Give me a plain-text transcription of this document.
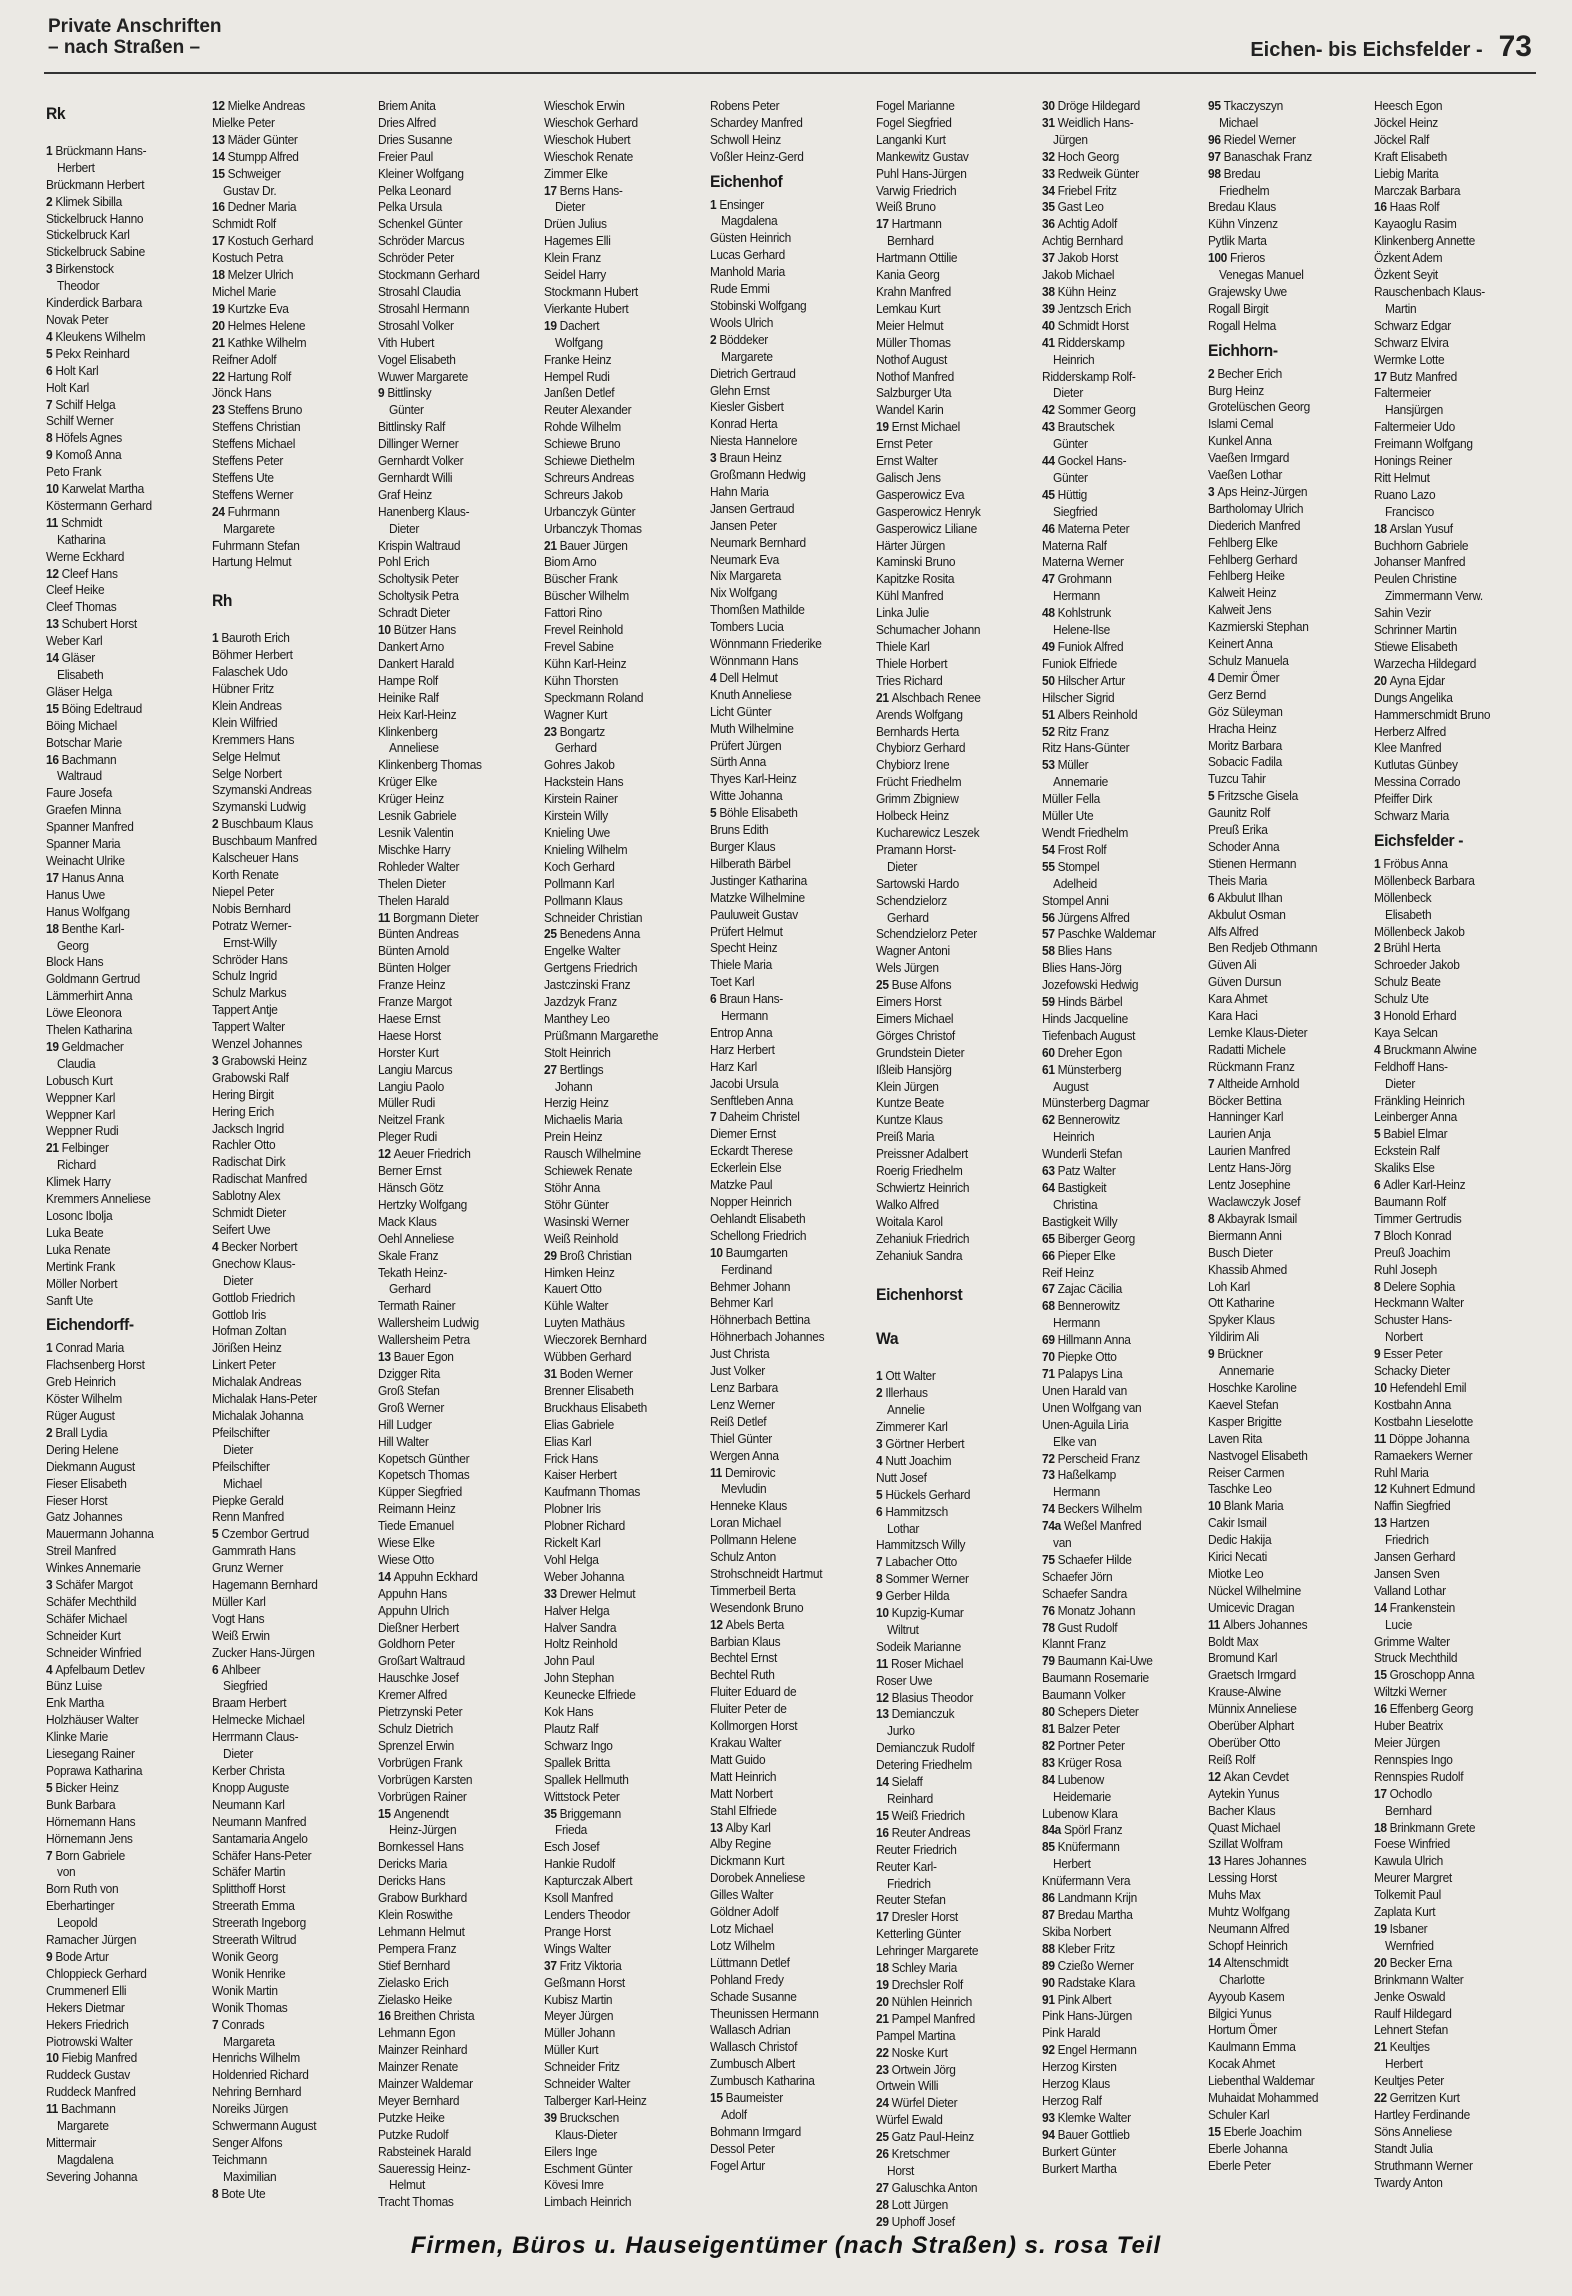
Private Anschriften
– nach Straßen –	Eichen- bis Eichsfelder - 73
Rk
1 Brückmann Hans-
Herbert
Brückmann Herbert
2 Klimek Sibilla
Stickelbruck Hanno
Stickelbruck Karl
Stickelbruck Sabine
3 Birkenstock
Theodor
Kinderdick Barbara
Novak Peter
4 Kleukens Wilhelm
5 Pekx Reinhard
6 Holt Karl
Holt Karl
7 Schilf Helga
Schilf Werner
8 Höfels Agnes
9 Komoß Anna
Peto Frank
10 Karwelat Martha
Köstermann Gerhard
11 Schmidt
Katharina
Werne Eckhard
12 Cleef Hans
Cleef Heike
Cleef Thomas
13 Schubert Horst
Weber Karl
14 Gläser
Elisabeth
Gläser Helga
15 Böing Edeltraud
Böing Michael
Botschar Marie
16 Bachmann
Waltraud
Faure Josefa
Graefen Minna
Spanner Manfred
Spanner Maria
Weinacht Ulrike
17 Hanus Anna
Hanus Uwe
Hanus Wolfgang
18 Benthe Karl-
Georg
Block Hans
Goldmann Gertrud
Lämmerhirt Anna
Löwe Eleonora
Thelen Katharina
19 Geldmacher
Claudia
Lobusch Kurt
Weppner Karl
Weppner Karl
Weppner Rudi
21 Felbinger
Richard
Klimek Harry
Kremmers Anneliese
Losonc Ibolja
Luka Beate
Luka Renate
Mertink Frank
Möller Norbert
Sanft Ute
Eichendorff-
1 Conrad Maria
Flachsenberg Horst
Greb Heinrich
Köster Wilhelm
Rüger August
2 Brall Lydia
Dering Helene
Diekmann August
Fieser Elisabeth
Fieser Horst
Gatz Johannes
Mauermann Johanna
Streil Manfred
Winkes Annemarie
3 Schäfer Margot
Schäfer Mechthild
Schäfer Michael
Schneider Kurt
Schneider Winfried
4 Apfelbaum Detlev
Bünz Luise
Enk Martha
Holzhäuser Walter
Klinke Marie
Liesegang Rainer
Poprawa Katharina
5 Bicker Heinz
Bunk Barbara
Hörnemann Hans
Hörnemann Jens
7 Born Gabriele
von
Born Ruth von
Eberhartinger
Leopold
Ramacher Jürgen
9 Bode Artur
Chloppieck Gerhard
Crummenerl Elli
Hekers Dietmar
Hekers Friedrich
Piotrowski Walter
10 Fiebig Manfred
Ruddeck Gustav
Ruddeck Manfred
11 Bachmann
Margarete
Mittermair
Magdalena
Severing Johanna
12 Mielke Andreas
Mielke Peter
13 Mäder Günter
14 Stumpp Alfred
15 Schweiger
Gustav Dr.
16 Dedner Maria
Schmidt Rolf
17 Kostuch Gerhard
Kostuch Petra
18 Melzer Ulrich
Michel Marie
19 Kurtzke Eva
20 Helmes Helene
21 Kathke Wilhelm
Reifner Adolf
22 Hartung Rolf
Jönck Hans
23 Steffens Bruno
Steffens Christian
Steffens Michael
Steffens Peter
Steffens Ute
Steffens Werner
24 Fuhrmann
Margarete
Fuhrmann Stefan
Hartung Helmut
Rh
1 Bauroth Erich
Böhmer Herbert
Falaschek Udo
Hübner Fritz
Klein Andreas
Klein Wilfried
Kremmers Hans
Selge Helmut
Selge Norbert
Szymanski Andreas
Szymanski Ludwig
2 Buschbaum Klaus
Buschbaum Manfred
Kalscheuer Hans
Korth Renate
Niepel Peter
Nobis Bernhard
Potratz Werner-
Ernst-Willy
Schröder Hans
Schulz Ingrid
Schulz Markus
Tappert Antje
Tappert Walter
Wenzel Johannes
3 Grabowski Heinz
Grabowski Ralf
Hering Birgit
Hering Erich
Jacksch Ingrid
Rachler Otto
Radischat Dirk
Radischat Manfred
Sablotny Alex
Schmidt Dieter
Seifert Uwe
4 Becker Norbert
Gnechow Klaus-
Dieter
Gottlob Friedrich
Gottlob Iris
Hofman Zoltan
Jörißen Heinz
Linkert Peter
Michalak Andreas
Michalak Hans-Peter
Michalak Johanna
Pfeilschifter
Dieter
Pfeilschifter
Michael
Piepke Gerald
Renn Manfred
5 Czembor Gertrud
Gammrath Hans
Grunz Werner
Hagemann Bernhard
Müller Karl
Vogt Hans
Weiß Erwin
Zucker Hans-Jürgen
6 Ahlbeer
Siegfried
Braam Herbert
Helmecke Michael
Herrmann Claus-
Dieter
Kerber Christa
Knopp Auguste
Neumann Karl
Neumann Manfred
Santamaria Angelo
Schäfer Hans-Peter
Schäfer Martin
Splitthoff Horst
Streerath Emma
Streerath Ingeborg
Streerath Wiltrud
Wonik Georg
Wonik Henrike
Wonik Martin
Wonik Thomas
7 Conrads
Margareta
Henrichs Wilhelm
Holdenried Richard
Nehring Bernhard
Noreiks Jürgen
Schwermann August
Senger Alfons
Teichmann
Maximilian
8 Bote Ute
Briem Anita
Dries Alfred
Dries Susanne
Freier Paul
Kleiner Wolfgang
Pelka Leonard
Pelka Ursula
Schenkel Günter
Schröder Marcus
Schröder Peter
Stockmann Gerhard
Strosahl Claudia
Strosahl Hermann
Strosahl Volker
Vith Hubert
Vogel Elisabeth
Wuwer Margarete
9 Bittlinsky
Günter
Bittlinsky Ralf
Dillinger Werner
Gernhardt Volker
Gernhardt Willi
Graf Heinz
Hanenberg Klaus-
Dieter
Krispin Waltraud
Pohl Erich
Scholtysik Peter
Scholtysik Petra
Schradt Dieter
10 Bützer Hans
Dankert Arno
Dankert Harald
Hampe Rolf
Heinike Ralf
Heix Karl-Heinz
Klinkenberg
Anneliese
Klinkenberg Thomas
Krüger Elke
Krüger Heinz
Lesnik Gabriele
Lesnik Valentin
Mischke Harry
Rohleder Walter
Thelen Dieter
Thelen Harald
11 Borgmann Dieter
Bünten Andreas
Bünten Arnold
Bünten Holger
Franze Heinz
Franze Margot
Haese Ernst
Haese Horst
Horster Kurt
Langiu Marcus
Langiu Paolo
Müller Rudi
Neitzel Frank
Pleger Rudi
12 Aeuer Friedrich
Berner Ernst
Hänsch Götz
Hertzky Wolfgang
Mack Klaus
Oehl Anneliese
Skale Franz
Tekath Heinz-
Gerhard
Termath Rainer
Wallersheim Ludwig
Wallersheim Petra
13 Bauer Egon
Dzigger Rita
Groß Stefan
Groß Werner
Hill Ludger
Hill Walter
Kopetsch Günther
Kopetsch Thomas
Küpper Siegfried
Reimann Heinz
Tiede Emanuel
Wiese Elke
Wiese Otto
14 Appuhn Eckhard
Appuhn Hans
Appuhn Ulrich
Dießner Herbert
Goldhorn Peter
Großart Waltraud
Hauschke Josef
Kremer Alfred
Pietrzynski Peter
Schulz Dietrich
Sprenzel Erwin
Vorbrügen Frank
Vorbrügen Karsten
Vorbrügen Rainer
15 Angenendt
Heinz-Jürgen
Bornkessel Hans
Dericks Maria
Dericks Hans
Grabow Burkhard
Klein Roswithe
Lehmann Helmut
Pempera Franz
Stief Bernhard
Zielasko Erich
Zielasko Heike
16 Breithen Christa
Lehmann Egon
Mainzer Reinhard
Mainzer Renate
Mainzer Waldemar
Meyer Bernhard
Putzke Heike
Putzke Rudolf
Rabsteinek Harald
Saueressig Heinz-
Helmut
Tracht Thomas
Wieschok Erwin
Wieschok Gerhard
Wieschok Hubert
Wieschok Renate
Zimmer Elke
17 Berns Hans-
Dieter
Drüen Julius
Hagemes Elli
Klein Franz
Seidel Harry
Stockmann Hubert
Vierkante Hubert
19 Dachert
Wolfgang
Franke Heinz
Hempel Rudi
Janßen Detlef
Reuter Alexander
Rohde Wilhelm
Schiewe Bruno
Schiewe Diethelm
Schreurs Andreas
Schreurs Jakob
Urbanczyk Günter
Urbanczyk Thomas
21 Bauer Jürgen
Biom Arno
Büscher Frank
Büscher Wilhelm
Fattori Rino
Frevel Reinhold
Frevel Sabine
Kühn Karl-Heinz
Kühn Thorsten
Speckmann Roland
Wagner Kurt
23 Bongartz
Gerhard
Gohres Jakob
Hackstein Hans
Kirstein Rainer
Kirstein Willy
Knieling Uwe
Knieling Wilhelm
Koch Gerhard
Pollmann Karl
Pollmann Klaus
Schneider Christian
25 Benedens Anna
Engelke Walter
Gertgens Friedrich
Jastczinski Franz
Jazdzyk Franz
Manthey Leo
Prüßmann Margarethe
Stolt Heinrich
27 Bertlings
Johann
Herzig Heinz
Michaelis Maria
Prein Heinz
Rausch Wilhelmine
Schiewek Renate
Stöhr Anna
Stöhr Günter
Wasinski Werner
Weiß Reinhold
29 Broß Christian
Himken Heinz
Kauert Otto
Kühle Walter
Luyten Mathäus
Wieczorek Bernhard
Wübben Gerhard
31 Boden Werner
Brenner Elisabeth
Bruckhaus Elisabeth
Elias Gabriele
Elias Karl
Frick Hans
Kaiser Herbert
Kaufmann Thomas
Plobner Iris
Plobner Richard
Rickelt Karl
Vohl Helga
Weber Johanna
33 Drewer Helmut
Halver Helga
Halver Sandra
Holtz Reinhold
John Paul
John Stephan
Keunecke Elfriede
Kok Hans
Plautz Ralf
Schwarz Ingo
Spallek Britta
Spallek Hellmuth
Wittstock Peter
35 Briggemann
Frieda
Esch Josef
Hankie Rudolf
Kapturczak Albert
Ksoll Manfred
Lenders Theodor
Prange Horst
Wings Walter
37 Fritz Viktoria
Geßmann Horst
Kubisz Martin
Meyer Jürgen
Müller Johann
Müller Kurt
Schneider Fritz
Schneider Walter
Talberger Karl-Heinz
39 Bruckschen
Klaus-Dieter
Eilers Inge
Eschment Günter
Kövesi Imre
Limbach Heinrich
Robens Peter
Schardey Manfred
Schwoll Heinz
Voßler Heinz-Gerd
Eichenhof
1 Ensinger
Magdalena
Güsten Heinrich
Lucas Gerhard
Manhold Maria
Rude Emmi
Stobinski Wolfgang
Wools Ulrich
2 Böddeker
Margarete
Dietrich Gertraud
Glehn Ernst
Kiesler Gisbert
Konrad Herta
Niesta Hannelore
3 Braun Heinz
Großmann Hedwig
Hahn Maria
Jansen Gertraud
Jansen Peter
Neumark Bernhard
Neumark Eva
Nix Margareta
Nix Wolfgang
Thomßen Mathilde
Tombers Lucia
Wönnmann Friederike
Wönnmann Hans
4 Dell Helmut
Knuth Anneliese
Licht Günter
Muth Wilhelmine
Prüfert Jürgen
Sürth Anna
Thyes Karl-Heinz
Witte Johanna
5 Böhle Elisabeth
Bruns Edith
Burger Klaus
Hilberath Bärbel
Justinger Katharina
Matzke Wilhelmine
Pauluweit Gustav
Prüfert Helmut
Specht Heinz
Thiele Maria
Toet Karl
6 Braun Hans-
Hermann
Entrop Anna
Harz Herbert
Harz Karl
Jacobi Ursula
Senftleben Anna
7 Daheim Christel
Diemer Ernst
Eckardt Therese
Eckerlein Else
Matzke Paul
Nopper Heinrich
Oehlandt Elisabeth
Schellong Friedrich
10 Baumgarten
Ferdinand
Behmer Johann
Behmer Karl
Höhnerbach Bettina
Höhnerbach Johannes
Just Christa
Just Volker
Lenz Barbara
Lenz Werner
Reiß Detlef
Thiel Günter
Wergen Anna
11 Demirovic
Mevludin
Henneke Klaus
Loran Michael
Pollmann Helene
Schulz Anton
Strohschneidt Hartmut
Timmerbeil Berta
Wesendonk Bruno
12 Abels Berta
Barbian Klaus
Bechtel Ernst
Bechtel Ruth
Fluiter Eduard de
Fluiter Peter de
Kollmorgen Horst
Krakau Walter
Matt Guido
Matt Heinrich
Matt Norbert
Stahl Elfriede
13 Alby Karl
Alby Regine
Dickmann Kurt
Dorobek Anneliese
Gilles Walter
Göldner Adolf
Lotz Michael
Lotz Wilhelm
Lüttmann Detlef
Pohland Fredy
Schade Susanne
Theunissen Hermann
Wallasch Adrian
Wallasch Christof
Zumbusch Albert
Zumbusch Katharina
15 Baumeister
Adolf
Bohmann Irmgard
Dessol Peter
Fogel Artur
Fogel Marianne
Fogel Siegfried
Langanki Kurt
Mankewitz Gustav
Puhl Hans-Jürgen
Varwig Friedrich
Weiß Bruno
17 Hartmann
Bernhard
Hartmann Ottilie
Kania Georg
Krahn Manfred
Lemkau Kurt
Meier Helmut
Müller Thomas
Nothof August
Nothof Manfred
Salzburger Uta
Wandel Karin
19 Ernst Michael
Ernst Peter
Ernst Walter
Galisch Jens
Gasperowicz Eva
Gasperowicz Henryk
Gasperowicz Liliane
Härter Jürgen
Kaminski Bruno
Kapitzke Rosita
Kühl Manfred
Linka Julie
Schumacher Johann
Thiele Karl
Thiele Horbert
Tries Richard
21 Alschbach Renee
Arends Wolfgang
Bernhards Herta
Chybiorz Gerhard
Chybiorz Irene
Frücht Friedhelm
Grimm Zbigniew
Holbeck Heinz
Kucharewicz Leszek
Pramann Horst-
Dieter
Sartowski Hardo
Schendzielorz
Gerhard
Schendzielorz Peter
Wagner Antoni
Wels Jürgen
25 Buse Alfons
Eimers Horst
Eimers Michael
Görges Christof
Grundstein Dieter
Ißleib Hansjörg
Klein Jürgen
Kuntze Beate
Kuntze Klaus
Preiß Maria
Preissner Adalbert
Roerig Friedhelm
Schwiertz Heinrich
Walko Alfred
Woitala Karol
Zehaniuk Friedrich
Zehaniuk Sandra
Eichenhorst
Wa
1 Ott Walter
2 Illerhaus
Annelie
Zimmerer Karl
3 Görtner Herbert
4 Nutt Joachim
Nutt Josef
5 Hückels Gerhard
6 Hammitzsch
Lothar
Hammitzsch Willy
7 Labacher Otto
8 Sommer Werner
9 Gerber Hilda
10 Kupzig-Kumar
Wiltrut
Sodeik Marianne
11 Roser Michael
Roser Uwe
12 Blasius Theodor
13 Demianczuk
Jurko
Demianczuk Rudolf
Detering Friedhelm
14 Sielaff
Reinhard
15 Weiß Friedrich
16 Reuter Andreas
Reuter Friedrich
Reuter Karl-
Friedrich
Reuter Stefan
17 Dresler Horst
Ketterling Günter
Lehringer Margarete
18 Schley Maria
19 Drechsler Rolf
20 Nühlen Heinrich
21 Pampel Manfred
Pampel Martina
22 Noske Kurt
23 Ortwein Jörg
Ortwein Willi
24 Würfel Dieter
Würfel Ewald
25 Gatz Paul-Heinz
26 Kretschmer
Horst
27 Galuschka Anton
28 Lott Jürgen
29 Uphoff Josef
30 Dröge Hildegard
31 Weidlich Hans-
Jürgen
32 Hoch Georg
33 Redweik Günter
34 Friebel Fritz
35 Gast Leo
36 Achtig Adolf
Achtig Bernhard
37 Jakob Horst
Jakob Michael
38 Kühn Heinz
39 Jentzsch Erich
40 Schmidt Horst
41 Ridderskamp
Heinrich
Ridderskamp Rolf-
Dieter
42 Sommer Georg
43 Brautschek
Günter
44 Gockel Hans-
Günter
45 Hüttig
Siegfried
46 Materna Peter
Materna Ralf
Materna Werner
47 Grohmann
Hermann
48 Kohlstrunk
Helene-Ilse
49 Funiok Alfred
Funiok Elfriede
50 Hilscher Artur
Hilscher Sigrid
51 Albers Reinhold
52 Ritz Franz
Ritz Hans-Günter
53 Müller
Annemarie
Müller Fella
Müller Ute
Wendt Friedhelm
54 Frost Rolf
55 Stompel
Adelheid
Stompel Anni
56 Jürgens Alfred
57 Paschke Waldemar
58 Blies Hans
Blies Hans-Jörg
Jozefowski Hedwig
59 Hinds Bärbel
Hinds Jacqueline
Tiefenbach August
60 Dreher Egon
61 Münsterberg
August
Münsterberg Dagmar
62 Bennerowitz
Heinrich
Wunderli Stefan
63 Patz Walter
64 Bastigkeit
Christina
Bastigkeit Willy
65 Biberger Georg
66 Pieper Elke
Reif Heinz
67 Zajac Cäcilia
68 Bennerowitz
Hermann
69 Hillmann Anna
70 Piepke Otto
71 Palapys Lina
Unen Harald van
Unen Wolfgang van
Unen-Aguila Liria
Elke van
72 Perscheid Franz
73 Haßelkamp
Hermann
74 Beckers Wilhelm
74a Weßel Manfred
van
75 Schaefer Hilde
Schaefer Jörn
Schaefer Sandra
76 Monatz Johann
78 Gust Rudolf
Klannt Franz
79 Baumann Kai-Uwe
Baumann Rosemarie
Baumann Volker
80 Schepers Dieter
81 Balzer Peter
82 Portner Peter
83 Krüger Rosa
84 Lubenow
Heidemarie
Lubenow Klara
84a Spörl Franz
85 Knüfermann
Herbert
Knüfermann Vera
86 Landmann Krijn
87 Bredau Martha
Skiba Norbert
88 Kleber Fritz
89 Czießo Werner
90 Radstake Klara
91 Pink Albert
Pink Hans-Jürgen
Pink Harald
92 Engel Hermann
Herzog Kirsten
Herzog Klaus
Herzog Ralf
93 Klemke Walter
94 Bauer Gottlieb
Burkert Günter
Burkert Martha
95 Tkaczyszyn
Michael
96 Riedel Werner
97 Banaschak Franz
98 Bredau
Friedhelm
Bredau Klaus
Kühn Vinzenz
Pytlik Marta
100 Frieros
Venegas Manuel
Grajewsky Uwe
Rogall Birgit
Rogall Helma
Eichhorn-
2 Becher Erich
Burg Heinz
Grotelüschen Georg
Islami Cemal
Kunkel Anna
Vaeßen Irmgard
Vaeßen Lothar
3 Aps Heinz-Jürgen
Bartholomay Ulrich
Diederich Manfred
Fehlberg Elke
Fehlberg Gerhard
Fehlberg Heike
Kalweit Heinz
Kalweit Jens
Kazmierski Stephan
Keinert Anna
Schulz Manuela
4 Demir Ömer
Gerz Bernd
Göz Süleyman
Hracha Heinz
Moritz Barbara
Sobacic Fadila
Tuzcu Tahir
5 Fritzsche Gisela
Gaunitz Rolf
Preuß Erika
Schoder Anna
Stienen Hermann
Theis Maria
6 Akbulut Ilhan
Akbulut Osman
Alfs Alfred
Ben Redjeb Othmann
Güven Ali
Güven Dursun
Kara Ahmet
Kara Haci
Lemke Klaus-Dieter
Radatti Michele
Rückmann Franz
7 Altheide Arnhold
Böcker Bettina
Hanninger Karl
Laurien Anja
Laurien Manfred
Lentz Hans-Jörg
Lentz Josephine
Waclawczyk Josef
8 Akbayrak Ismail
Biermann Anni
Busch Dieter
Khassib Ahmed
Loh Karl
Ott Katharine
Spyker Klaus
Yildirim Ali
9 Brückner
Annemarie
Hoschke Karoline
Kaevel Stefan
Kasper Brigitte
Laven Rita
Nastvogel Elisabeth
Reiser Carmen
Taschke Leo
10 Blank Maria
Cakir Ismail
Dedic Hakija
Kirici Necati
Miotke Leo
Nückel Wilhelmine
Umicevic Dragan
11 Albers Johannes
Boldt Max
Bromund Karl
Graetsch Irmgard
Krause-Alwine
Münnix Anneliese
Oberüber Alphart
Oberüber Otto
Reiß Rolf
12 Akan Cevdet
Aytekin Yunus
Bacher Klaus
Quast Michael
Szillat Wolfram
13 Hares Johannes
Lessing Horst
Muhs Max
Muhtz Wolfgang
Neumann Alfred
Schopf Heinrich
14 Altenschmidt
Charlotte
Ayyoub Kasem
Bilgici Yunus
Hortum Ömer
Kaulmann Emma
Kocak Ahmet
Liebenthal Waldemar
Muhaidat Mohammed
Schuler Karl
15 Eberle Joachim
Eberle Johanna
Eberle Peter
Heesch Egon
Jöckel Heinz
Jöckel Ralf
Kraft Elisabeth
Liebig Marita
Marczak Barbara
16 Haas Rolf
Kayaoglu Rasim
Klinkenberg Annette
Özkent Adem
Özkent Seyit
Rauschenbach Klaus-
Martin
Schwarz Edgar
Schwarz Elvira
Wermke Lotte
17 Butz Manfred
Faltermeier
Hansjürgen
Faltermeier Udo
Freimann Wolfgang
Honings Reiner
Ritt Helmut
Ruano Lazo
Francisco
18 Arslan Yusuf
Buchhorn Gabriele
Johanser Manfred
Peulen Christine
Zimmermann Verw.
Sahin Vezir
Schrinner Martin
Stiewe Elisabeth
Warzecha Hildegard
20 Ayna Ejdar
Dungs Angelika
Hammerschmidt Bruno
Herberz Alfred
Klee Manfred
Kutlutas Günbey
Messina Corrado
Pfeiffer Dirk
Schwarz Maria
Eichsfelder -
1 Fröbus Anna
Möllenbeck Barbara
Möllenbeck
Elisabeth
Möllenbeck Jakob
2 Brühl Herta
Schroeder Jakob
Schulz Beate
Schulz Ute
3 Honold Erhard
Kaya Selcan
4 Bruckmann Alwine
Feldhoff Hans-
Dieter
Fränkling Heinrich
Leinberger Anna
5 Babiel Elmar
Eckstein Ralf
Skaliks Else
6 Adler Karl-Heinz
Baumann Rolf
Timmer Gertrudis
7 Bloch Konrad
Preuß Joachim
Ruhl Joseph
8 Delere Sophia
Heckmann Walter
Schuster Hans-
Norbert
9 Esser Peter
Schacky Dieter
10 Hefendehl Emil
Kostbahn Anna
Kostbahn Lieselotte
11 Döppe Johanna
Ramaekers Werner
Ruhl Maria
12 Kuhnert Edmund
Naffin Siegfried
13 Hartzen
Friedrich
Jansen Gerhard
Jansen Sven
Valland Lothar
14 Frankenstein
Lucie
Grimme Walter
Struck Mechthild
15 Groschopp Anna
Wiltzki Werner
16 Effenberg Georg
Huber Beatrix
Meier Jürgen
Rennspies Ingo
Rennspies Rudolf
17 Ochodlo
Bernhard
18 Brinkmann Grete
Foese Winfried
Kawula Ulrich
Meurer Margret
Tolkemit Paul
Zaplata Kurt
19 Isbaner
Wernfried
20 Becker Erna
Brinkmann Walter
Jenke Oswald
Raulf Hildegard
Lehnert Stefan
21 Keultjes
Herbert
Keultjes Peter
22 Gerritzen Kurt
Hartley Ferdinande
Söns Anneliese
Standt Julia
Struthmann Werner
Twardy Anton
Firmen, Büros u. Hauseigentümer (nach Straßen) s. rosa Teil
